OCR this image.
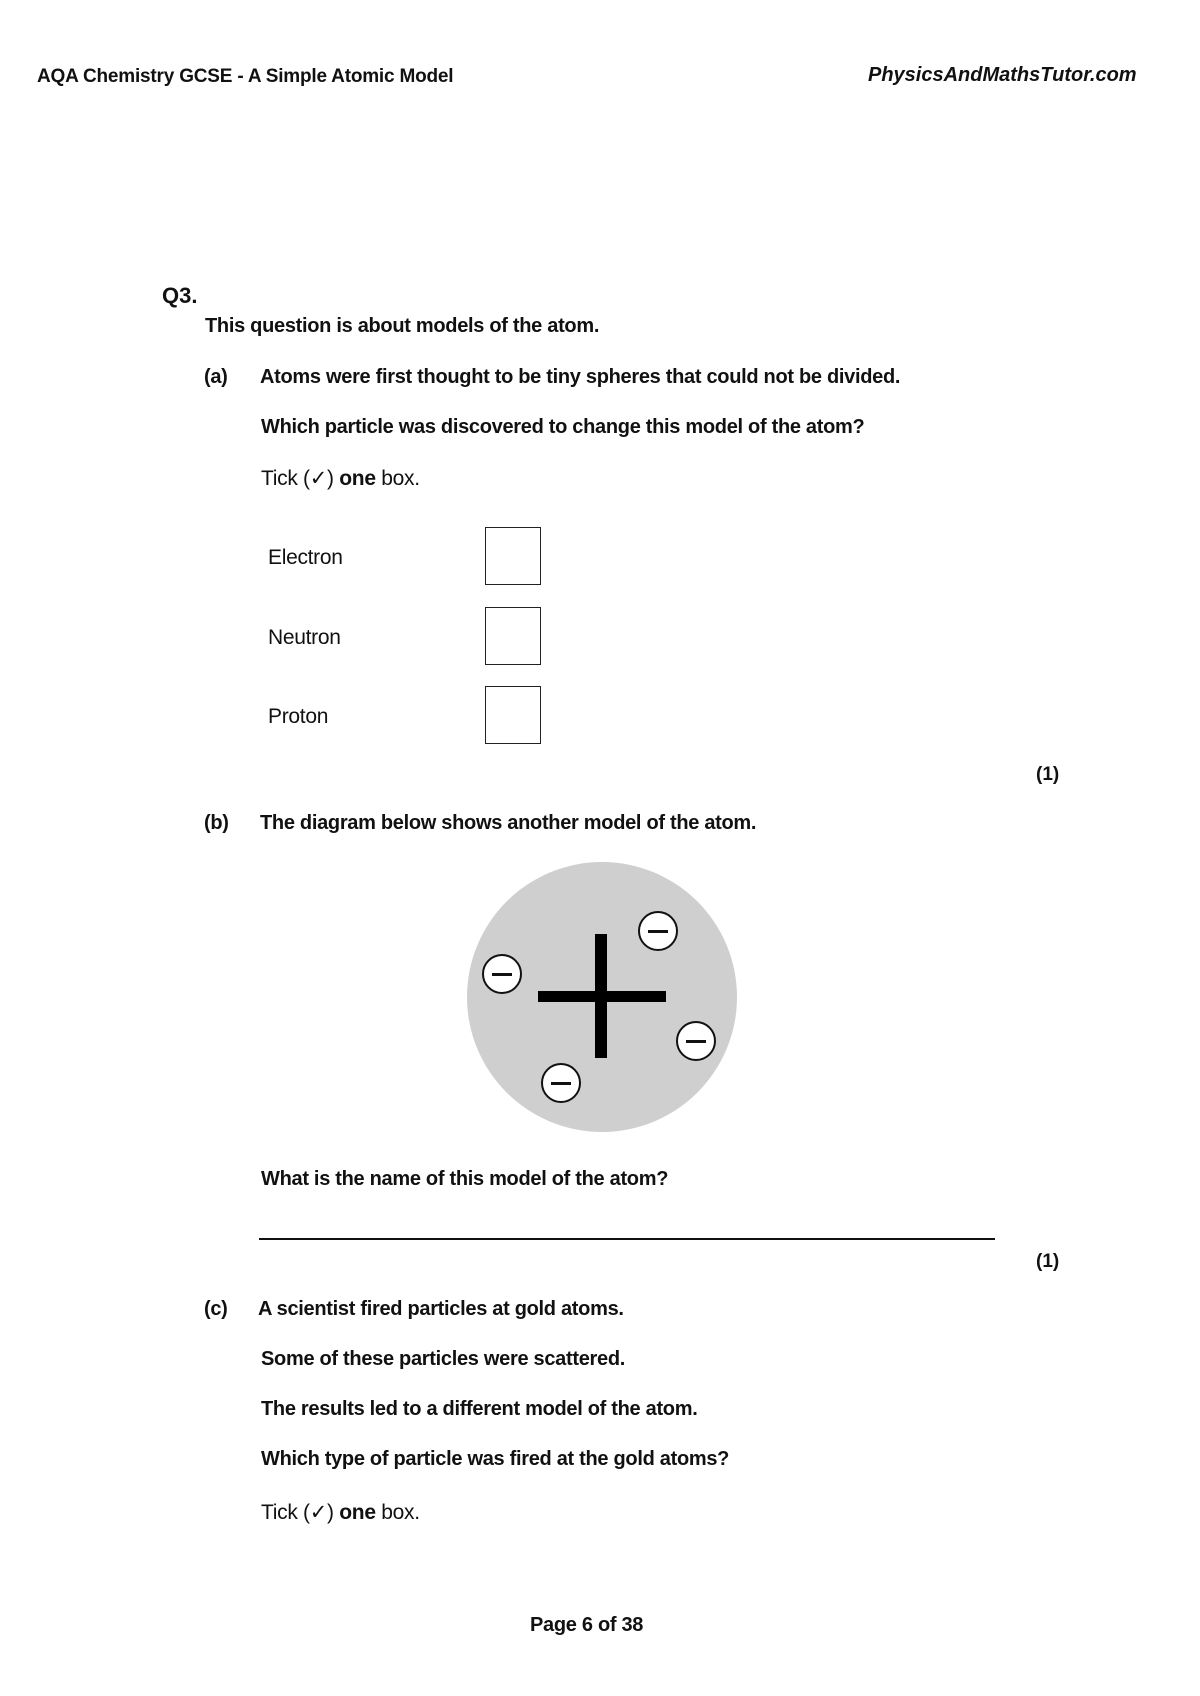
AQA Chemistry GCSE - A Simple Atomic Model	PhysicsAndMathsTutor.com
Q3.
This question is about models of the atom.
(a) Atoms were first thought to be tiny spheres that could not be divided.
Which particle was discovered to change this model of the atom?
Tick (✓) one box.
Electron
Neutron
Proton
(1)
(b) The diagram below shows another model of the atom.
What is the name of this model of the atom?
(1)
(c) A scientist fired particles at gold atoms.
Some of these particles were scattered.
The results led to a different model of the atom.
Which type of particle was fired at the gold atoms?
Tick (✓) one box.
Page 6 of 38
